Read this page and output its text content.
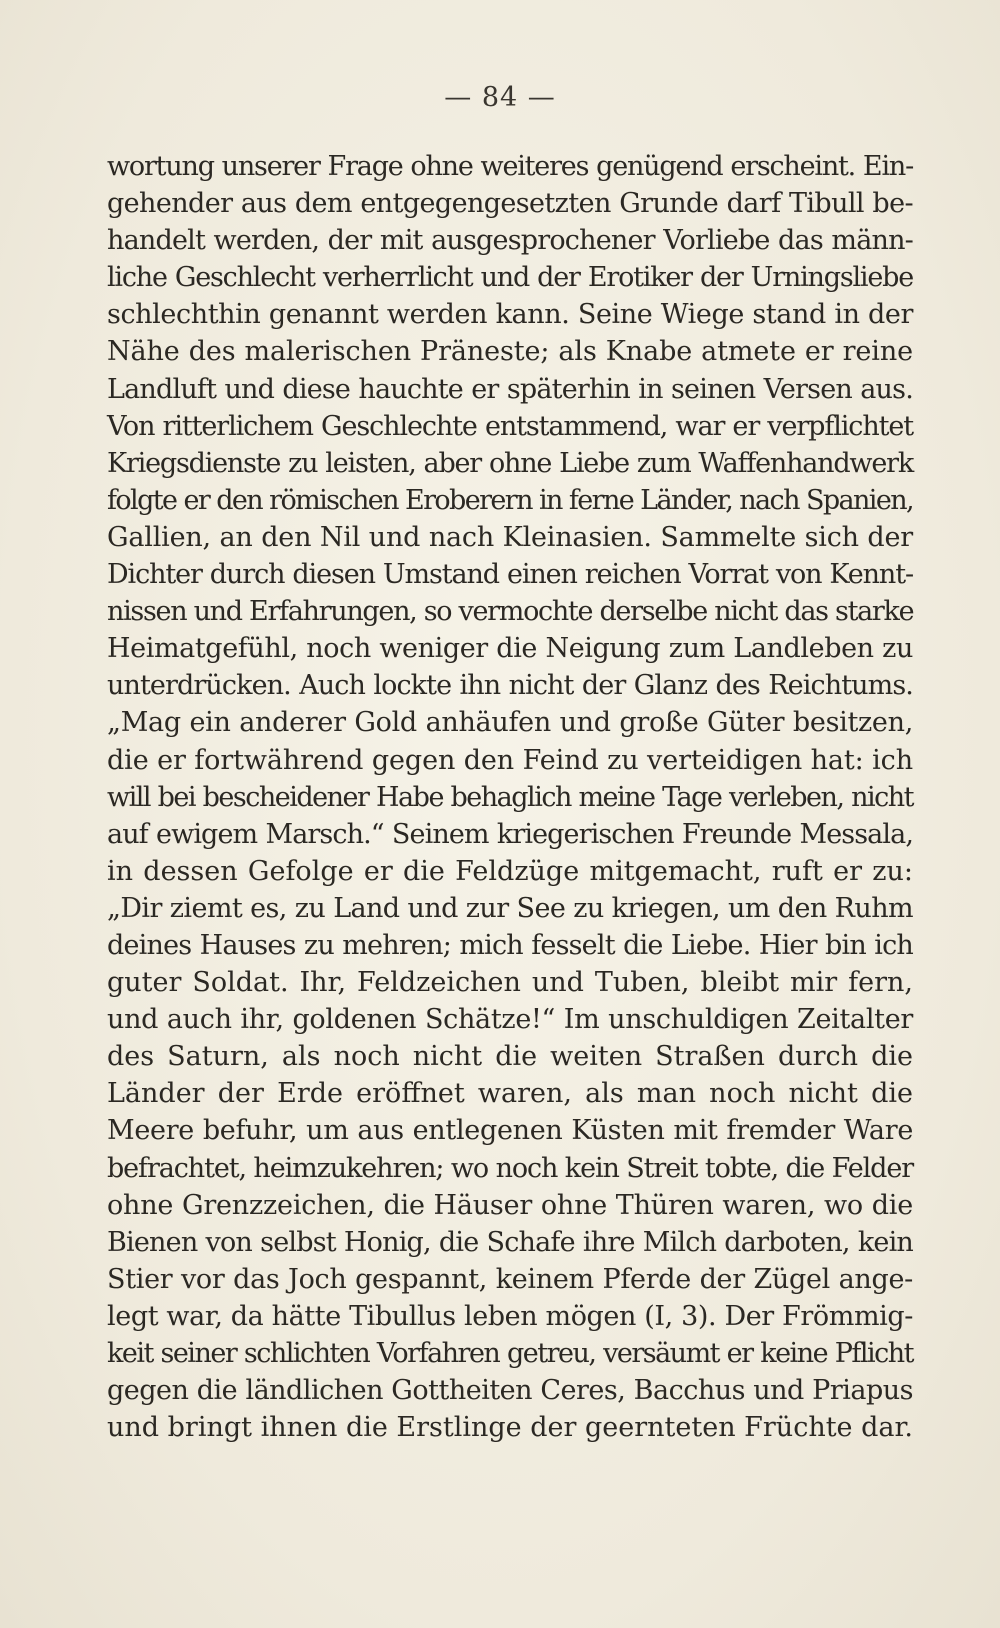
— 84 —
wortung unserer Frage ohne weiteres genügend erscheint. Ein-
gehender aus dem entgegengesetzten Grunde darf Tibull be-
handelt werden, der mit ausgesprochener Vorliebe das männ-
liche Geschlecht verherrlicht und der Erotiker der Urningsliebe
schlechthin genannt werden kann. Seine Wiege stand in der
Nähe des malerischen Präneste; als Knabe atmete er reine
Landluft und diese hauchte er späterhin in seinen Versen aus.
Von ritterlichem Geschlechte entstammend, war er verpflichtet
Kriegsdienste zu leisten, aber ohne Liebe zum Waffenhandwerk
folgte er den römischen Eroberern in ferne Länder, nach Spanien,
Gallien, an den Nil und nach Kleinasien. Sammelte sich der
Dichter durch diesen Umstand einen reichen Vorrat von Kennt-
nissen und Erfahrungen, so vermochte derselbe nicht das starke
Heimatgefühl, noch weniger die Neigung zum Landleben zu
unterdrücken. Auch lockte ihn nicht der Glanz des Reichtums.
„Mag ein anderer Gold anhäufen und große Güter besitzen,
die er fortwährend gegen den Feind zu verteidigen hat: ich
will bei bescheidener Habe behaglich meine Tage verleben, nicht
auf ewigem Marsch.“ Seinem kriegerischen Freunde Messala,
in dessen Gefolge er die Feldzüge mitgemacht, ruft er zu:
„Dir ziemt es, zu Land und zur See zu kriegen, um den Ruhm
deines Hauses zu mehren; mich fesselt die Liebe. Hier bin ich
guter Soldat. Ihr, Feldzeichen und Tuben, bleibt mir fern,
und auch ihr, goldenen Schätze!“ Im unschuldigen Zeitalter
des Saturn, als noch nicht die weiten Straßen durch die
Länder der Erde eröffnet waren, als man noch nicht die
Meere befuhr, um aus entlegenen Küsten mit fremder Ware
befrachtet, heimzukehren; wo noch kein Streit tobte, die Felder
ohne Grenzzeichen, die Häuser ohne Thüren waren, wo die
Bienen von selbst Honig, die Schafe ihre Milch darboten, kein
Stier vor das Joch gespannt, keinem Pferde der Zügel ange-
legt war, da hätte Tibullus leben mögen (I, 3). Der Frömmig-
keit seiner schlichten Vorfahren getreu, versäumt er keine Pflicht
gegen die ländlichen Gottheiten Ceres, Bacchus und Priapus
und bringt ihnen die Erstlinge der geernteten Früchte dar.
